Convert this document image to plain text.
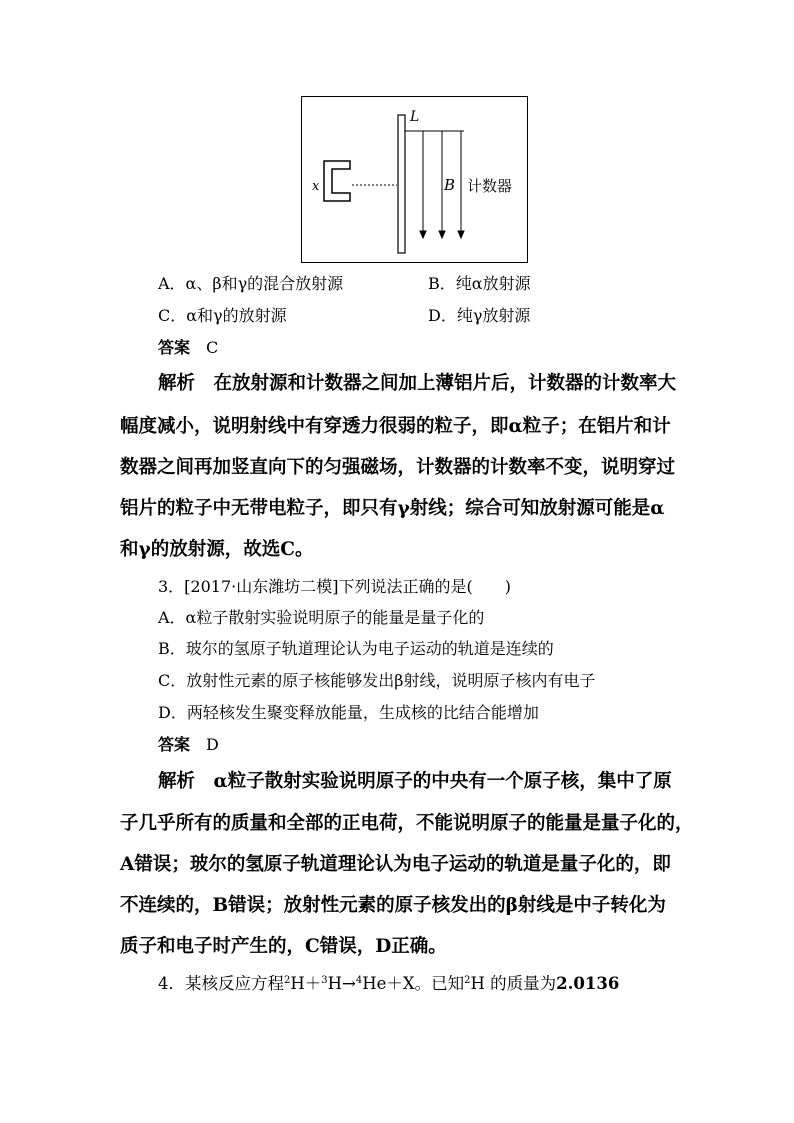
L
B 计数器
x
A．α、β和γ的混合放射源	B．纯α放射源
C．α和γ的放射源	D．纯γ放射源
答案  C
解析  在放射源和计数器之间加上薄铝片后，计数器的计数率大
幅度减小，说明射线中有穿透力很弱的粒子，即α粒子；在铝片和计
数器之间再加竖直向下的匀强磁场，计数器的计数率不变，说明穿过
铝片的粒子中无带电粒子，即只有γ射线；综合可知放射源可能是α
和γ的放射源，故选C。
3．[2017·山东潍坊二模]下列说法正确的是(　　)
A．α粒子散射实验说明原子的能量是量子化的
B．玻尔的氢原子轨道理论认为电子运动的轨道是连续的
C．放射性元素的原子核能够发出β射线，说明原子核内有电子
D．两轻核发生聚变释放能量，生成核的比结合能增加
答案  D
解析  α粒子散射实验说明原子的中央有一个原子核，集中了原
子几乎所有的质量和全部的正电荷，不能说明原子的能量是量子化的，
A错误；玻尔的氢原子轨道理论认为电子运动的轨道是量子化的，即
不连续的，B错误；放射性元素的原子核发出的β射线是中子转化为
质子和电子时产生的，C错误，D正确。
4．某核反应方程$^2$H＋$^3$H→$^4$He＋X。已知$^2$H 的质量为2.0136
